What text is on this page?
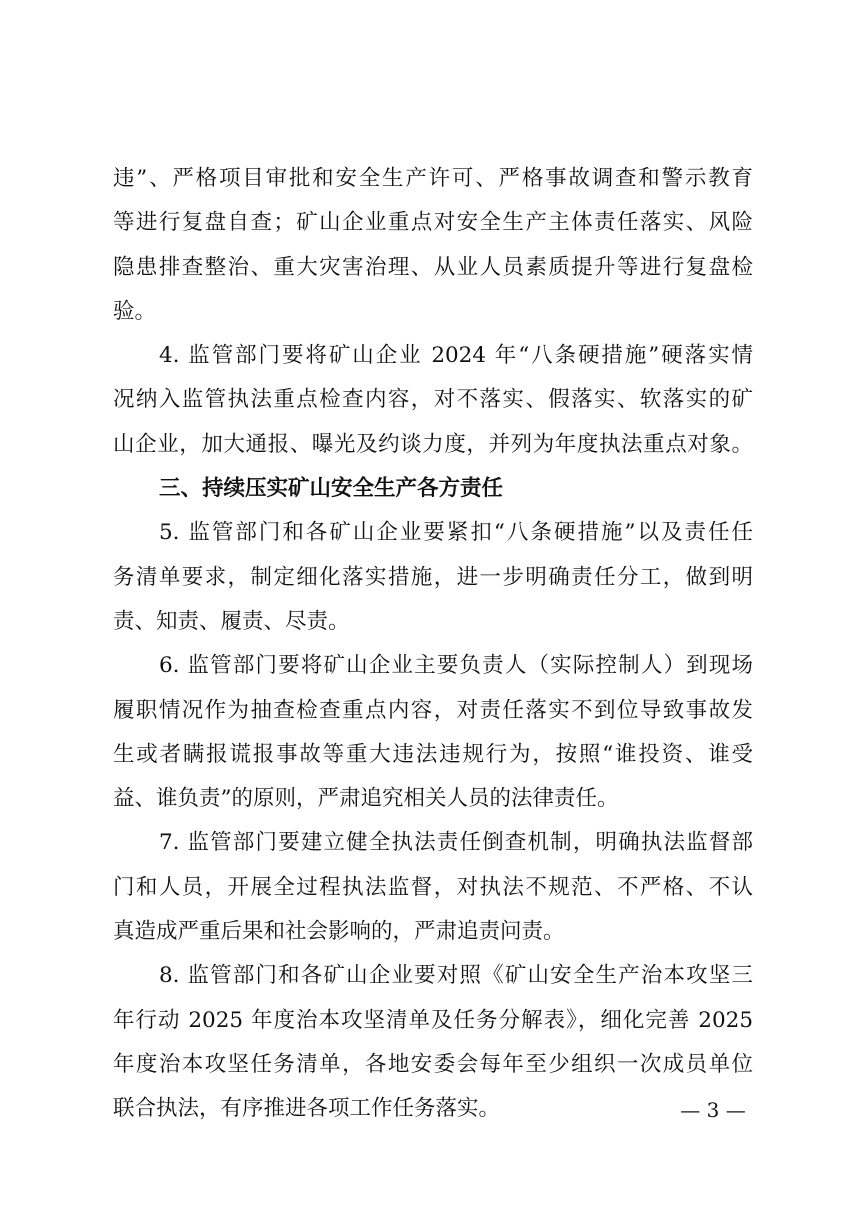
违”、严格项目审批和安全生产许可、严格事故调查和警示教育
等进行复盘自查；矿山企业重点对安全生产主体责任落实、风险
隐患排查整治、重大灾害治理、从业人员素质提升等进行复盘检
验。
4. 监管部门要将矿山企业 2024 年“八条硬措施”硬落实情
况纳入监管执法重点检查内容，对不落实、假落实、软落实的矿
山企业，加大通报、曝光及约谈力度，并列为年度执法重点对象。
三、持续压实矿山安全生产各方责任
5. 监管部门和各矿山企业要紧扣“八条硬措施”以及责任任
务清单要求，制定细化落实措施，进一步明确责任分工，做到明
责、知责、履责、尽责。
6. 监管部门要将矿山企业主要负责人（实际控制人）到现场
履职情况作为抽查检查重点内容，对责任落实不到位导致事故发
生或者瞒报谎报事故等重大违法违规行为，按照“谁投资、谁受
益、谁负责”的原则，严肃追究相关人员的法律责任。
7. 监管部门要建立健全执法责任倒查机制，明确执法监督部
门和人员，开展全过程执法监督，对执法不规范、不严格、不认
真造成严重后果和社会影响的，严肃追责问责。
8. 监管部门和各矿山企业要对照《矿山安全生产治本攻坚三
年行动 2025 年度治本攻坚清单及任务分解表》，细化完善 2025
年度治本攻坚任务清单，各地安委会每年至少组织一次成员单位
联合执法，有序推进各项工作任务落实。	— 3 —
